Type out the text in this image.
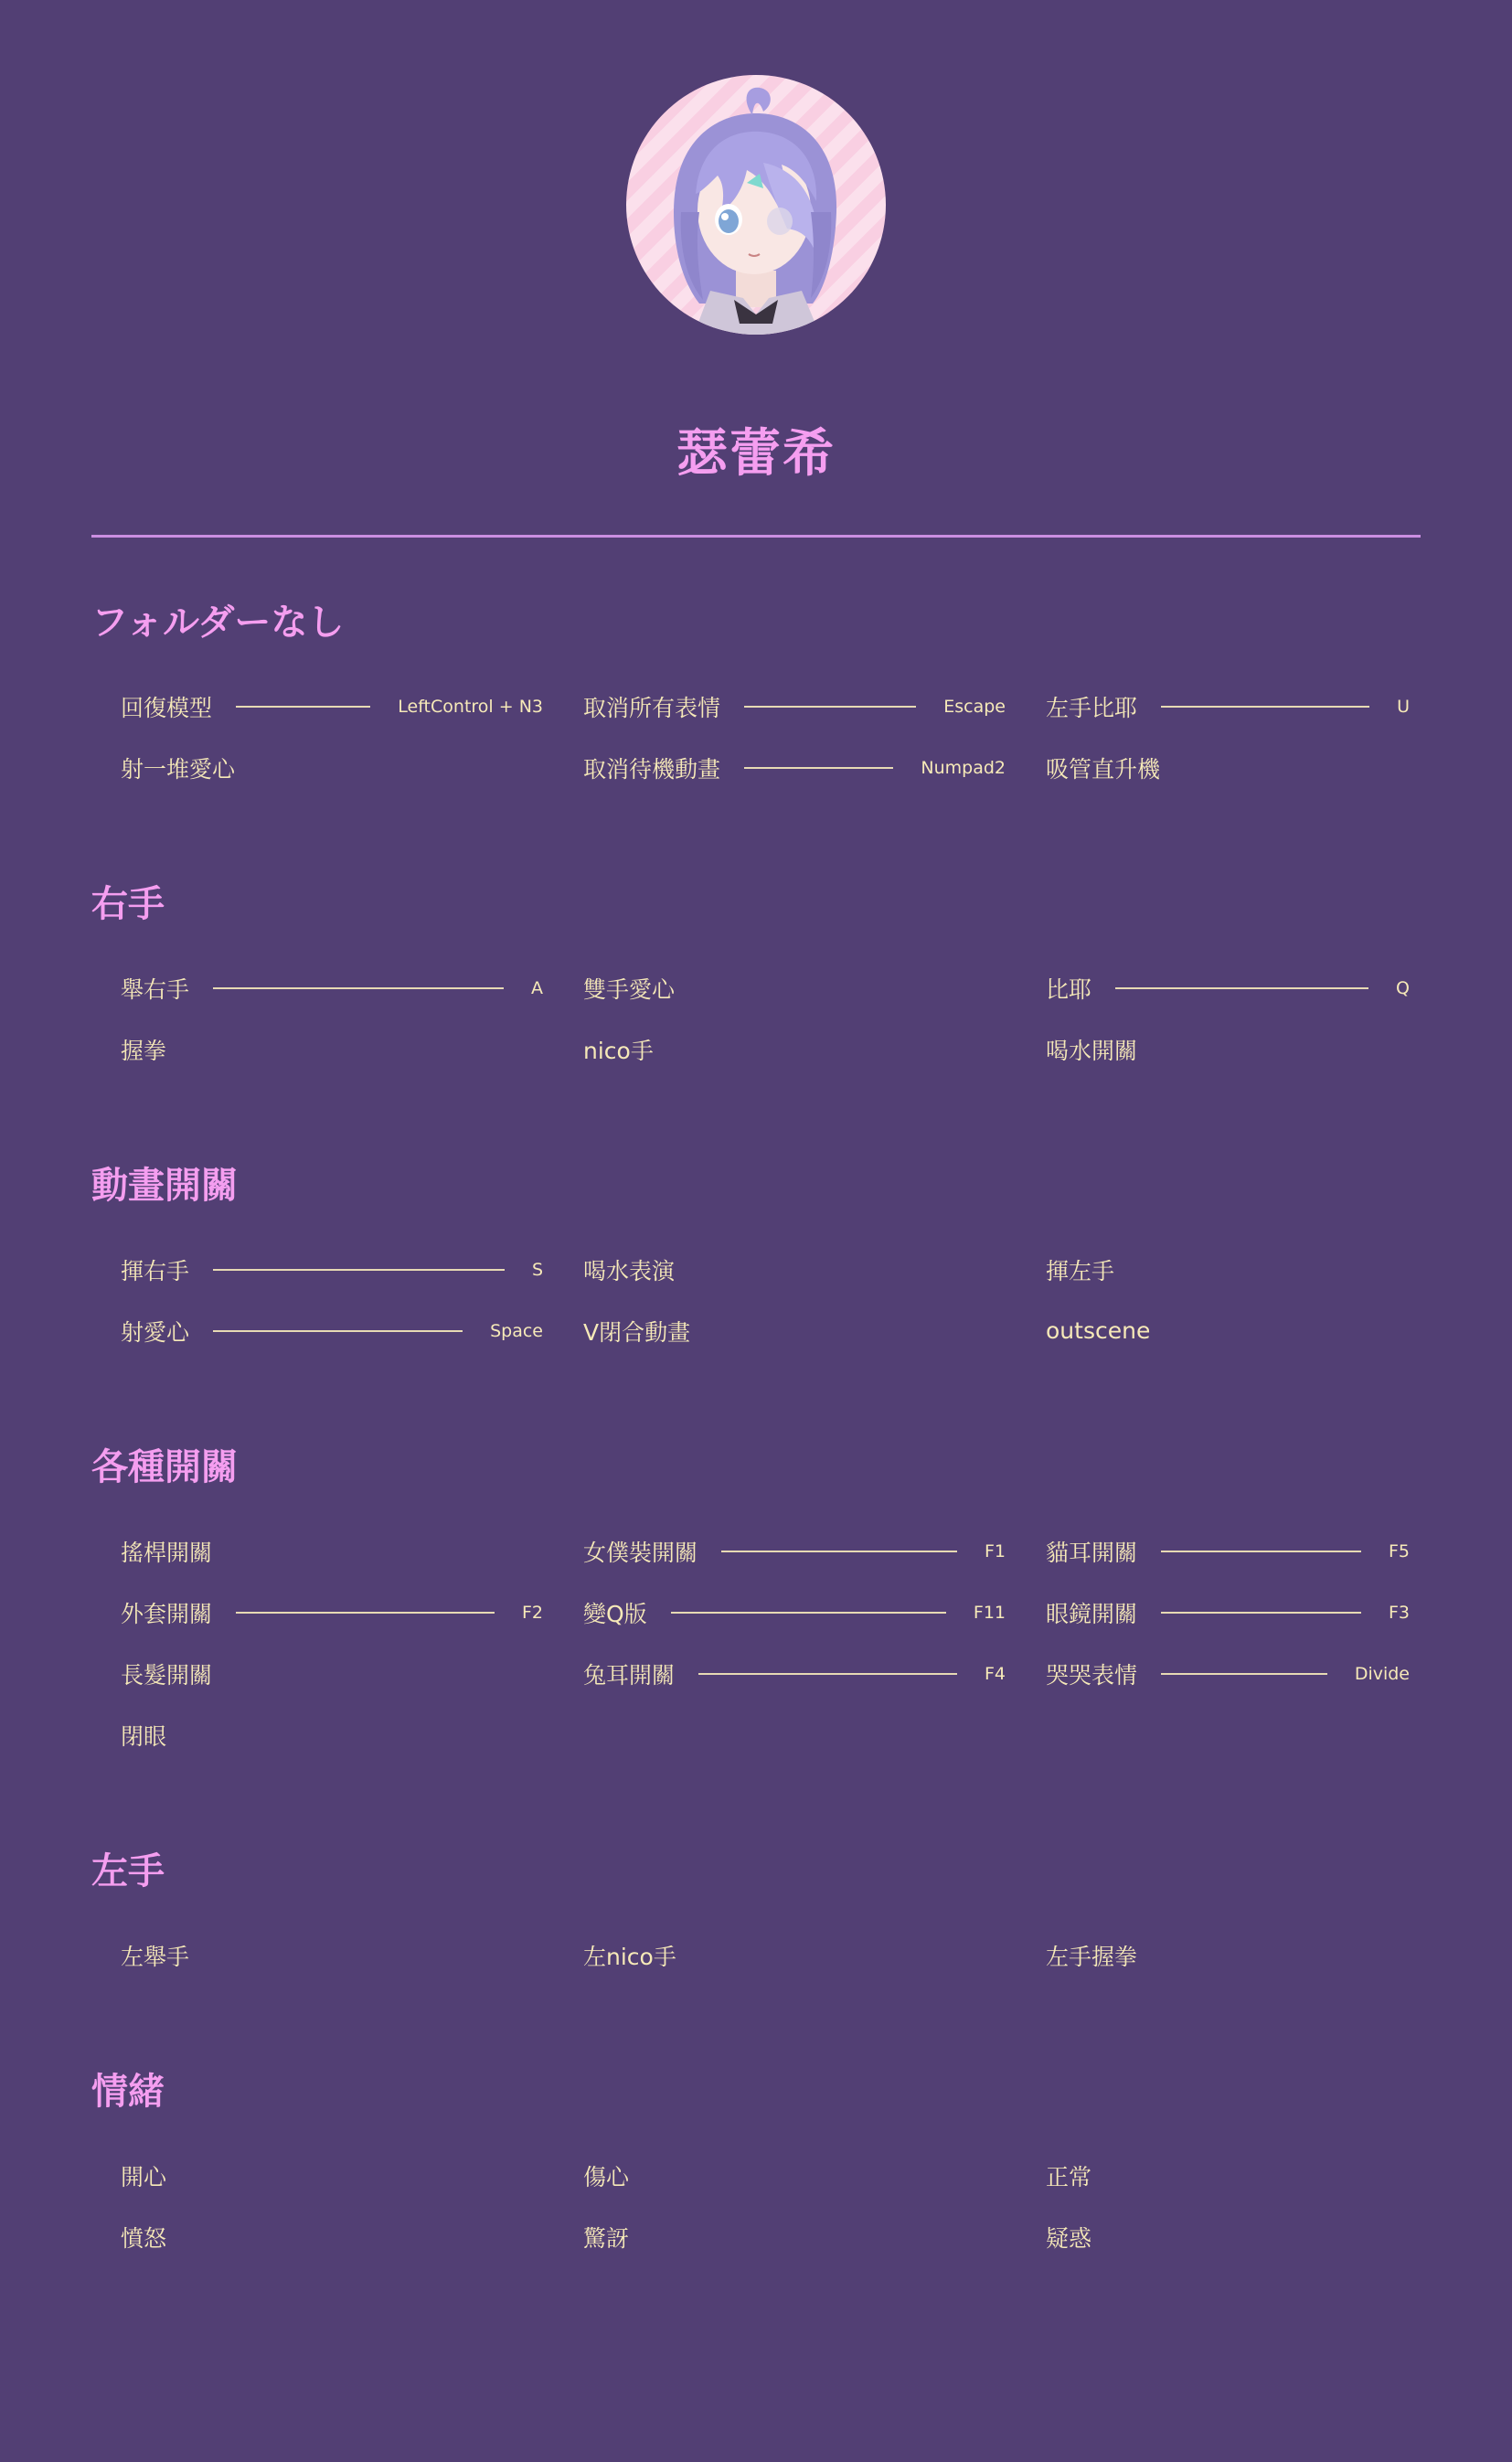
瑟蕾希
フォルダーなし
回復模型	LeftControl + N3 取消所有表情	Escape 左手比耶	U
射一堆愛心	取消待機動畫	Numpad2 吸管直升機
右手
舉右手	A 雙手愛心	比耶	Q
握拳	nico手	喝水開關
動畫開關
揮右手	S 喝水表演	揮左手
射愛心	Space V閉合動畫	outscene
各種開關
搖桿開關	女僕裝開關	F1 貓耳開關	F5
外套開關	F2 變Q版	F11 眼鏡開關	F3
長髮開關	兔耳開關	F4 哭哭表情	Divide
閉眼
左手
左舉手	左nico手	左手握拳
情緒
開心	傷心	正常
憤怒	驚訝	疑惑
